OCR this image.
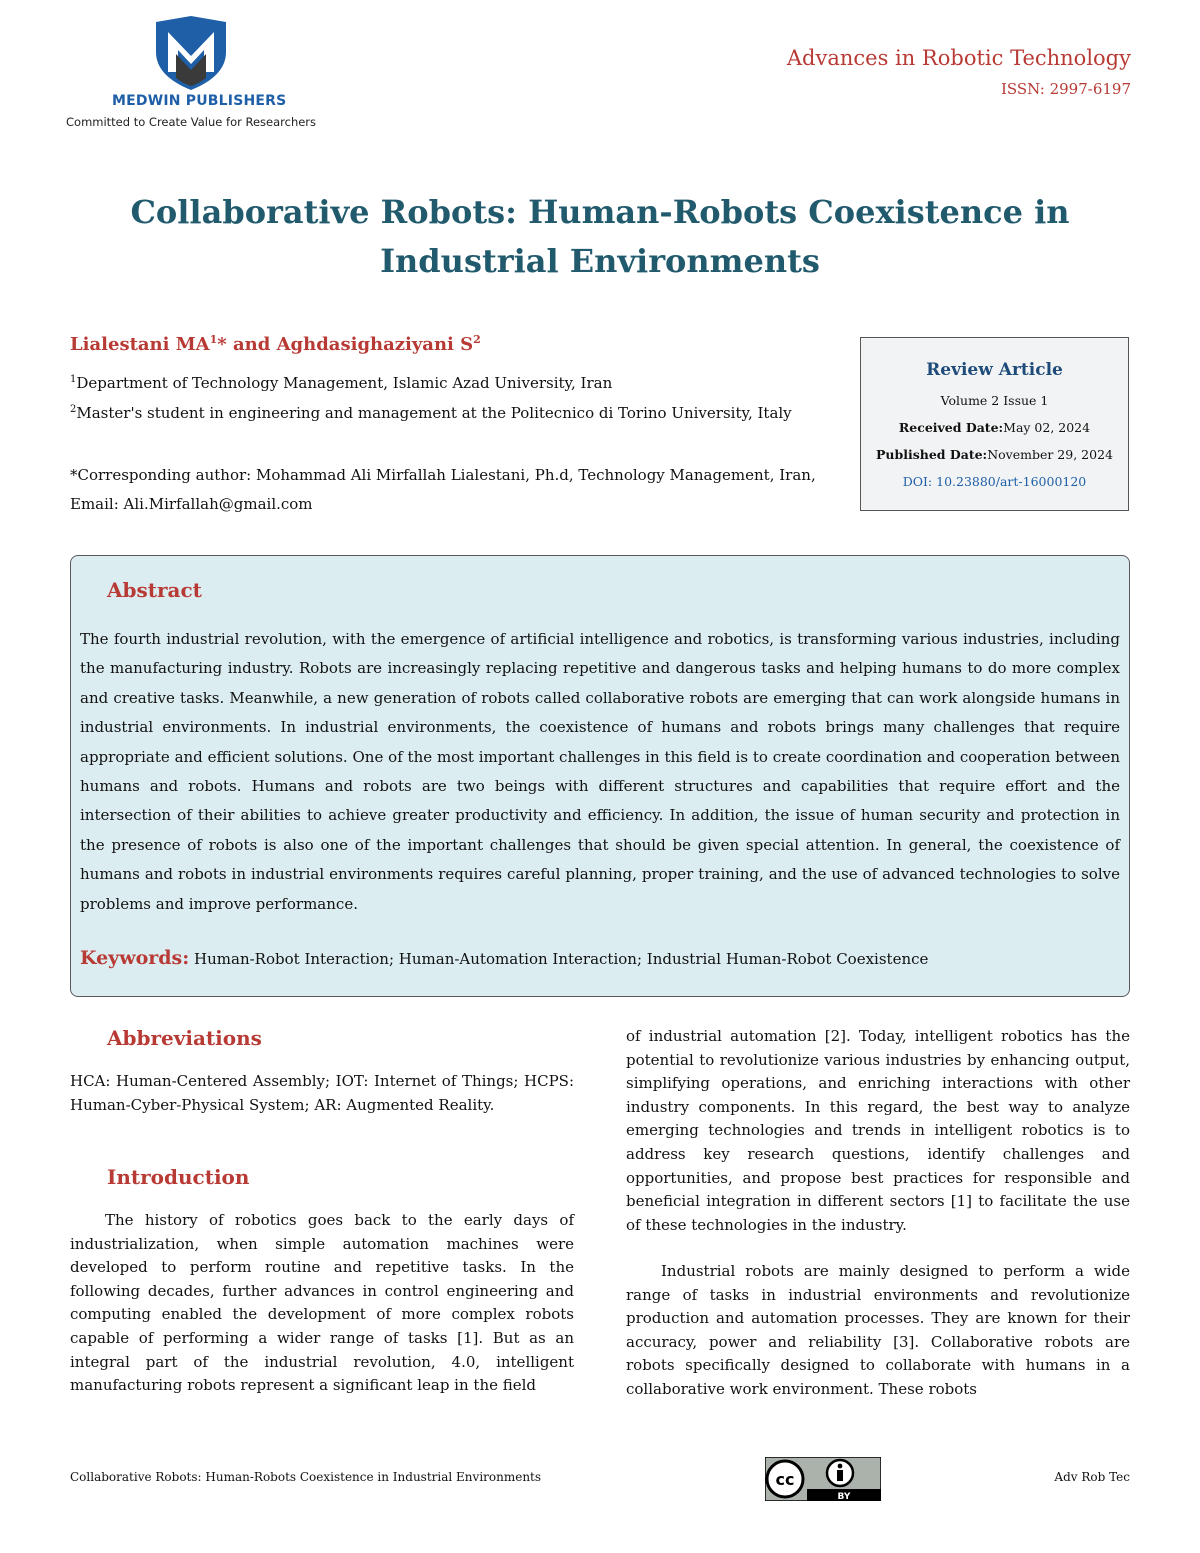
MEDWIN PUBLISHERS
Committed to Create Value for Researchers
Advances in Robotic Technology
ISSN: 2997-6197
Collaborative Robots: Human-Robots Coexistence in Industrial Environments
Lialestani $MA^1*$ and Aghdasighaziyani $S^2$
$^1$Department of Technology Management, Islamic Azad University, Iran
$^2$Master's student in engineering and management at the Politecnico di Torino University, Italy
*Corresponding author: Mohammad Ali Mirfallah Lialestani, Ph.d, Technology Management, Iran, Email: Ali.Mirfallah@gmail.com
Review Article
Volume 2 Issue 1
Received Date:May 02, 2024
Published Date:November 29, 2024
DOI: 10.23880/art-16000120
Abstract
The fourth industrial revolution, with the emergence of artificial intelligence and robotics, is transforming various industries, including the manufacturing industry. Robots are increasingly replacing repetitive and dangerous tasks and helping humans to do more complex and creative tasks. Meanwhile, a new generation of robots called collaborative robots are emerging that can work alongside humans in industrial environments. In industrial environments, the coexistence of humans and robots brings many challenges that require appropriate and efficient solutions. One of the most important challenges in this field is to create coordination and cooperation between humans and robots. Humans and robots are two beings with different structures and capabilities that require effort and the intersection of their abilities to achieve greater productivity and efficiency. In addition, the issue of human security and protection in the presence of robots is also one of the important challenges that should be given special attention. In general, the coexistence of humans and robots in industrial environments requires careful planning, proper training, and the use of advanced technologies to solve problems and improve performance.
Keywords: Human-Robot Interaction; Human-Automation Interaction; Industrial Human-Robot Coexistence
Abbreviations
HCA: Human-Centered Assembly; IOT: Internet of Things; HCPS: Human-Cyber-Physical System; AR: Augmented Reality.
Introduction
The history of robotics goes back to the early days of industrialization, when simple automation machines were developed to perform routine and repetitive tasks. In the following decades, further advances in control engineering and computing enabled the development of more complex robots capable of performing a wider range of tasks [1]. But as an integral part of the industrial revolution, 4.0, intelligent manufacturing robots represent a significant leap in the field
of industrial automation [2]. Today, intelligent robotics has the potential to revolutionize various industries by enhancing output, simplifying operations, and enriching interactions with other industry components. In this regard, the best way to analyze emerging technologies and trends in intelligent robotics is to address key research questions, identify challenges and opportunities, and propose best practices for responsible and beneficial integration in different sectors [1] to facilitate the use of these technologies in the industry.
Industrial robots are mainly designed to perform a wide range of tasks in industrial environments and revolutionize production and automation processes. They are known for their accuracy, power and reliability [3]. Collaborative robots are robots specifically designed to collaborate with humans in a collaborative work environment. These robots
Collaborative Robots: Human-Robots Coexistence in Industrial Environments	cc
BY
Adv Rob Tec
